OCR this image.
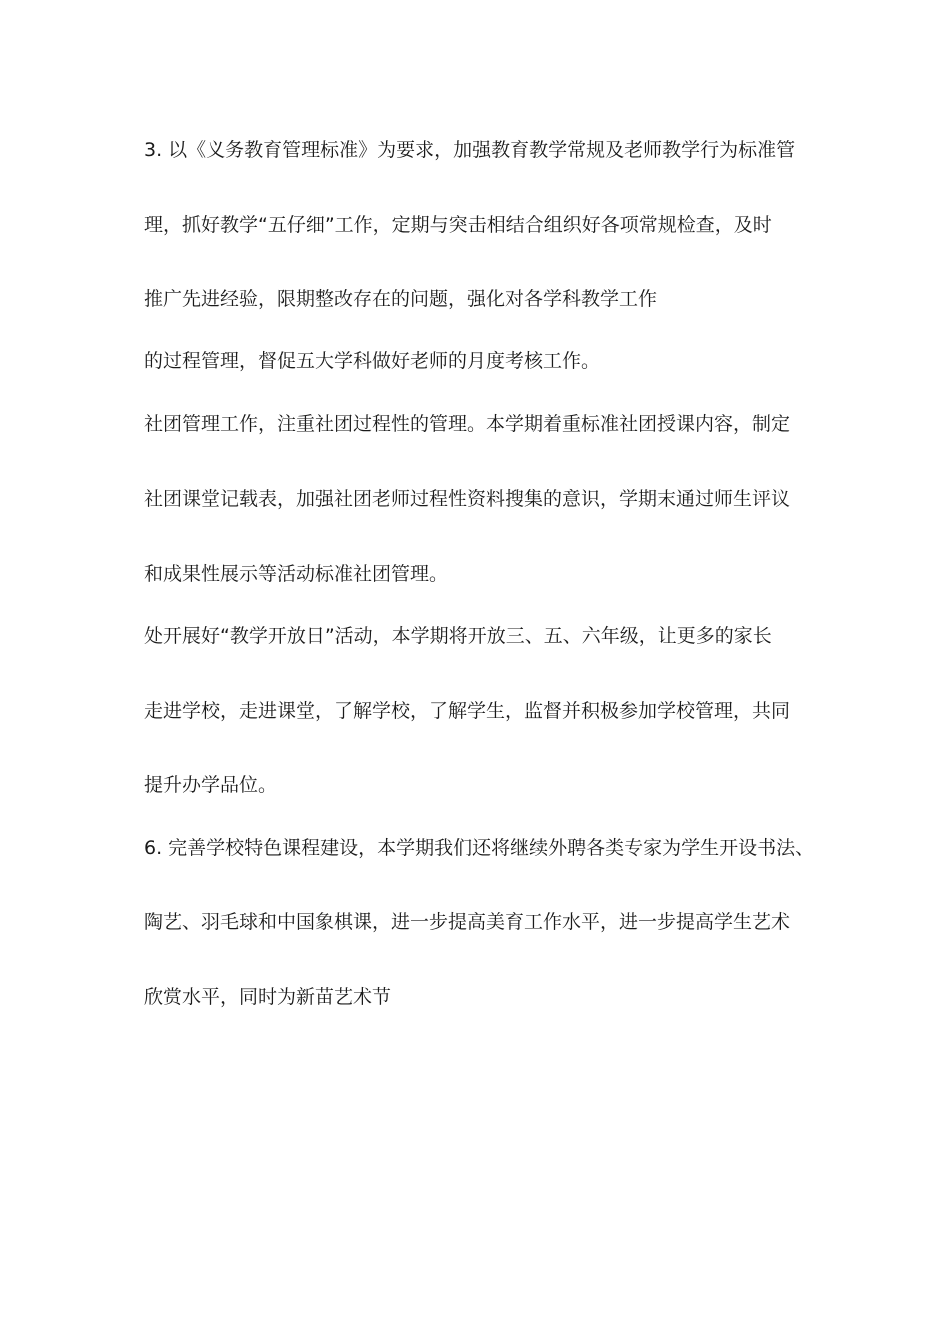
3. 以《义务教育管理标准》为要求，加强教育教学常规及老师教学行为标准管
理，抓好教学“五仔细”工作，定期与突击相结合组织好各项常规检查，及时
推广先进经验，限期整改存在的问题，强化对各学科教学工作
的过程管理，督促五大学科做好老师的月度考核工作。
社团管理工作，注重社团过程性的管理。本学期着重标准社团授课内容，制定
社团课堂记载表，加强社团老师过程性资料搜集的意识，学期末通过师生评议
和成果性展示等活动标准社团管理。
处开展好“教学开放日”活动，本学期将开放三、五、六年级，让更多的家长
走进学校，走进课堂，了解学校，了解学生，监督并积极参加学校管理，共同
提升办学品位。
6. 完善学校特色课程建设，本学期我们还将继续外聘各类专家为学生开设书法、
陶艺、羽毛球和中国象棋课，进一步提高美育工作水平，进一步提高学生艺术
欣赏水平，同时为新苗艺术节
